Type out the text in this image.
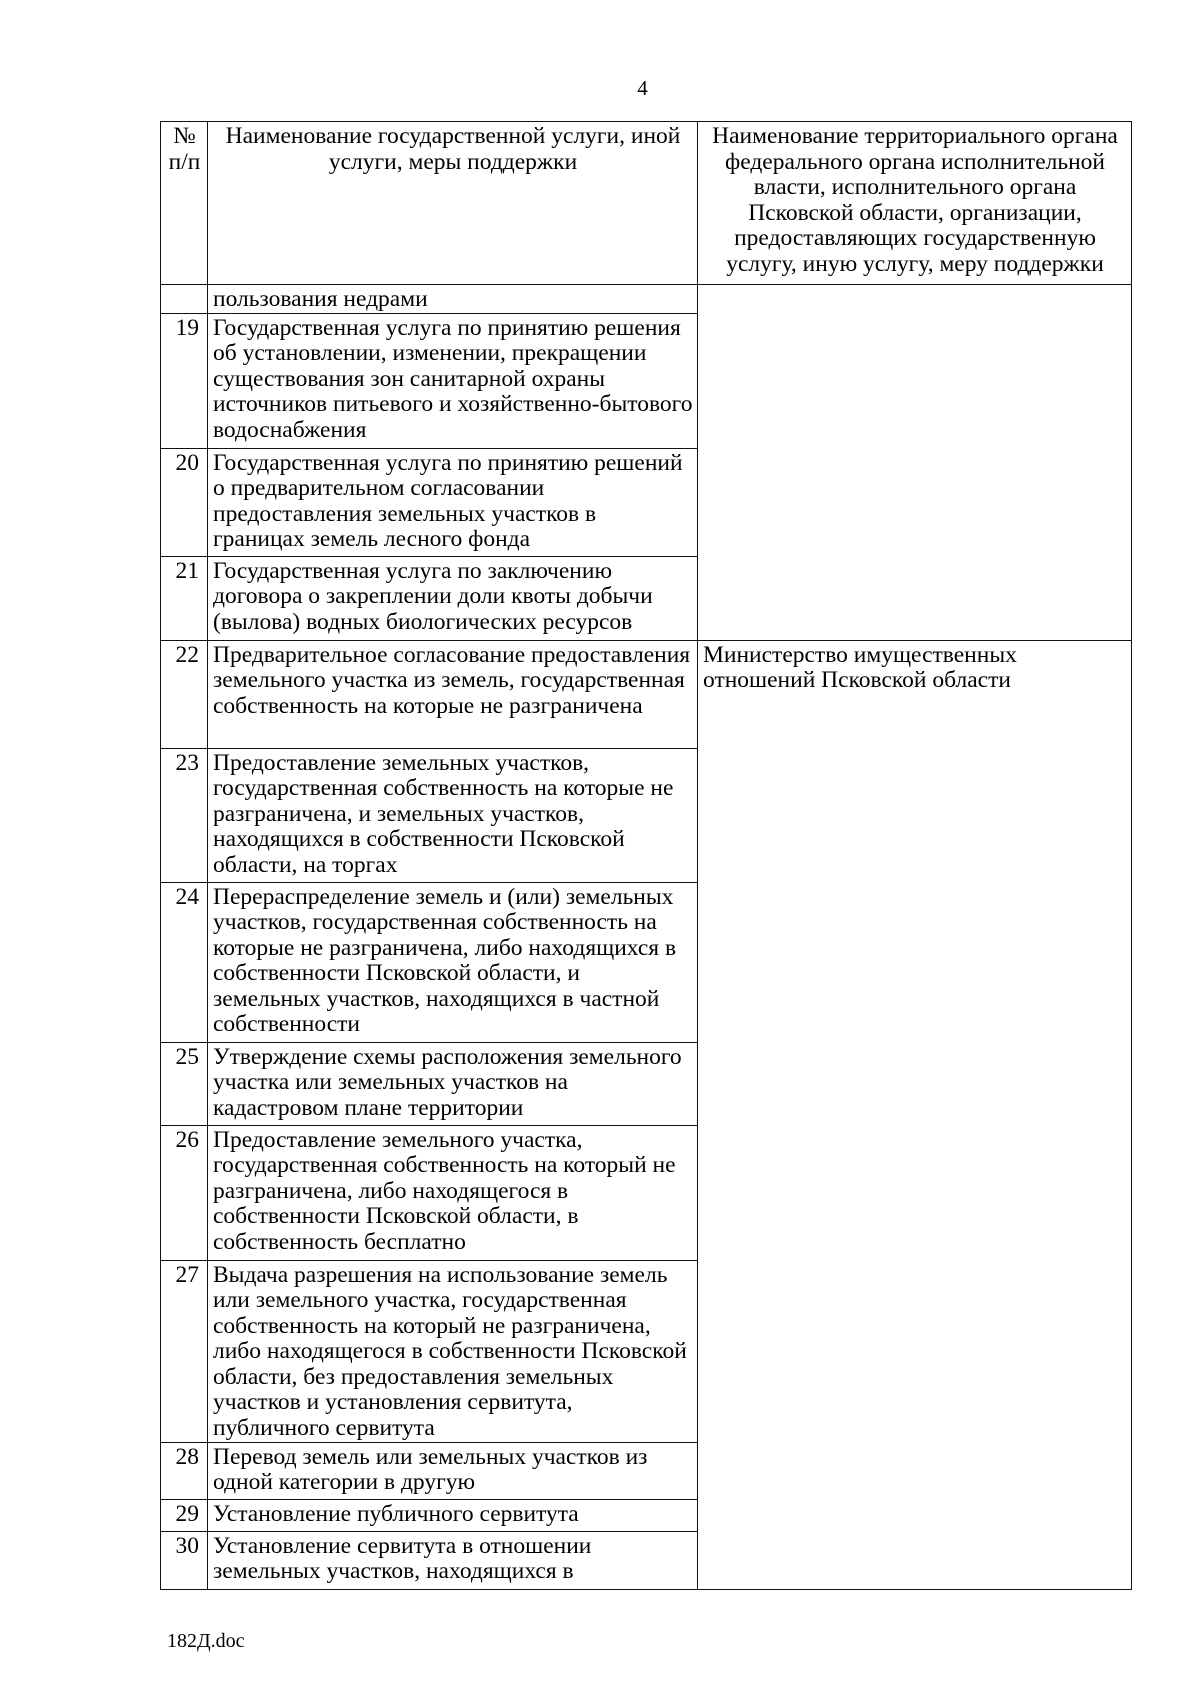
4
№ п/п	Наименование государственной услуги, иной услуги, меры поддержки	Наименование территориального органа федерального органа исполнительной власти, исполнительного органа Псковской области, организации, предоставляющих государственную услугу, иную услугу, меру поддержки
	пользования недрами	
19	Государственная услуга по принятию решения об установлении, изменении, прекращении существования зон санитарной охраны источников питьевого и хозяйственно-бытового водоснабжения	
20	Государственная услуга по принятию решений о предварительном согласовании предоставления земельных участков в границах земель лесного фонда	
21	Государственная услуга по заключению договора о закреплении доли квоты добычи (вылова) водных биологических ресурсов	
22	Предварительное согласование предоставления земельного участка из земель, государственная собственность на которые не разграничена	Министерство имущественных отношений Псковской области
23	Предоставление земельных участков, государственная собственность на которые не разграничена, и земельных участков, находящихся в собственности Псковской области, на торгах	
24	Перераспределение земель и (или) земельных участков, государственная собственность на которые не разграничена, либо находящихся в собственности Псковской области, и земельных участков, находящихся в частной собственности	
25	Утверждение схемы расположения земельного участка или земельных участков на кадастровом плане территории	
26	Предоставление земельного участка, государственная собственность на который не разграничена, либо находящегося в собственности Псковской области, в собственность бесплатно	
27	Выдача разрешения на использование земель или земельного участка, государственная собственность на который не разграничена, либо находящегося в собственности Псковской области, без предоставления земельных участков и установления сервитута, публичного сервитута	
28	Перевод земель или земельных участков из одной категории в другую	
29	Установление публичного сервитута	
30	Установление сервитута в отношении земельных участков, находящихся в	
182Д.doc
